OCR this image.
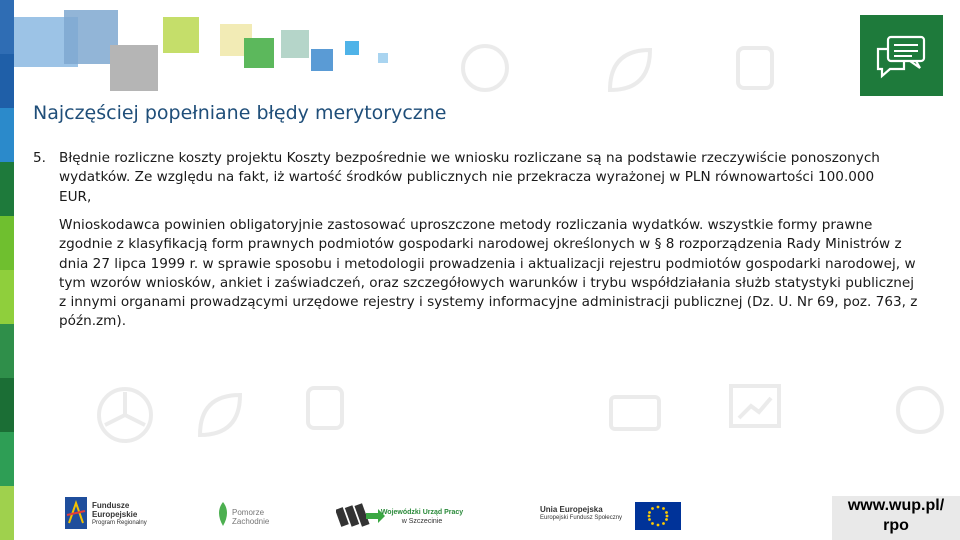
Najczęściej popełniane błędy merytoryczne
5. Błędnie rozliczne koszty projektu Koszty bezpośrednie we wniosku rozliczane są na podstawie rzeczywiście ponoszonych wydatków. Ze względu na fakt, iż wartość środków publicznych nie przekracza wyrażonej w PLN równowartości 100.000 EUR,
Wnioskodawca powinien obligatoryjnie zastosować uproszczone metody rozliczania wydatków. wszystkie formy prawne zgodnie z klasyfikacją form prawnych podmiotów gospodarki narodowej określonych w § 8 rozporządzenia Rady Ministrów z dnia 27 lipca 1999 r. w sprawie sposobu i metodologii prowadzenia i aktualizacji rejestru podmiotów gospodarki narodowej, w tym wzorów wniosków, ankiet i zaświadczeń, oraz szczegółowych warunków i trybu współdziałania służb statystyki publicznej z innymi organami prowadzącymi urzędowe rejestry i systemy informacyjne administracji publicznej (Dz. U. Nr 69, poz. 763, z późn.zm).
Fundusze
Europejskie
Program Regionalny
Pomorze
Zachodnie
Wojewódzki Urząd Pracy
w Szczecinie
Unia Europejska
Europejski Fundusz Społeczny
www.wup.pl/
rpo
